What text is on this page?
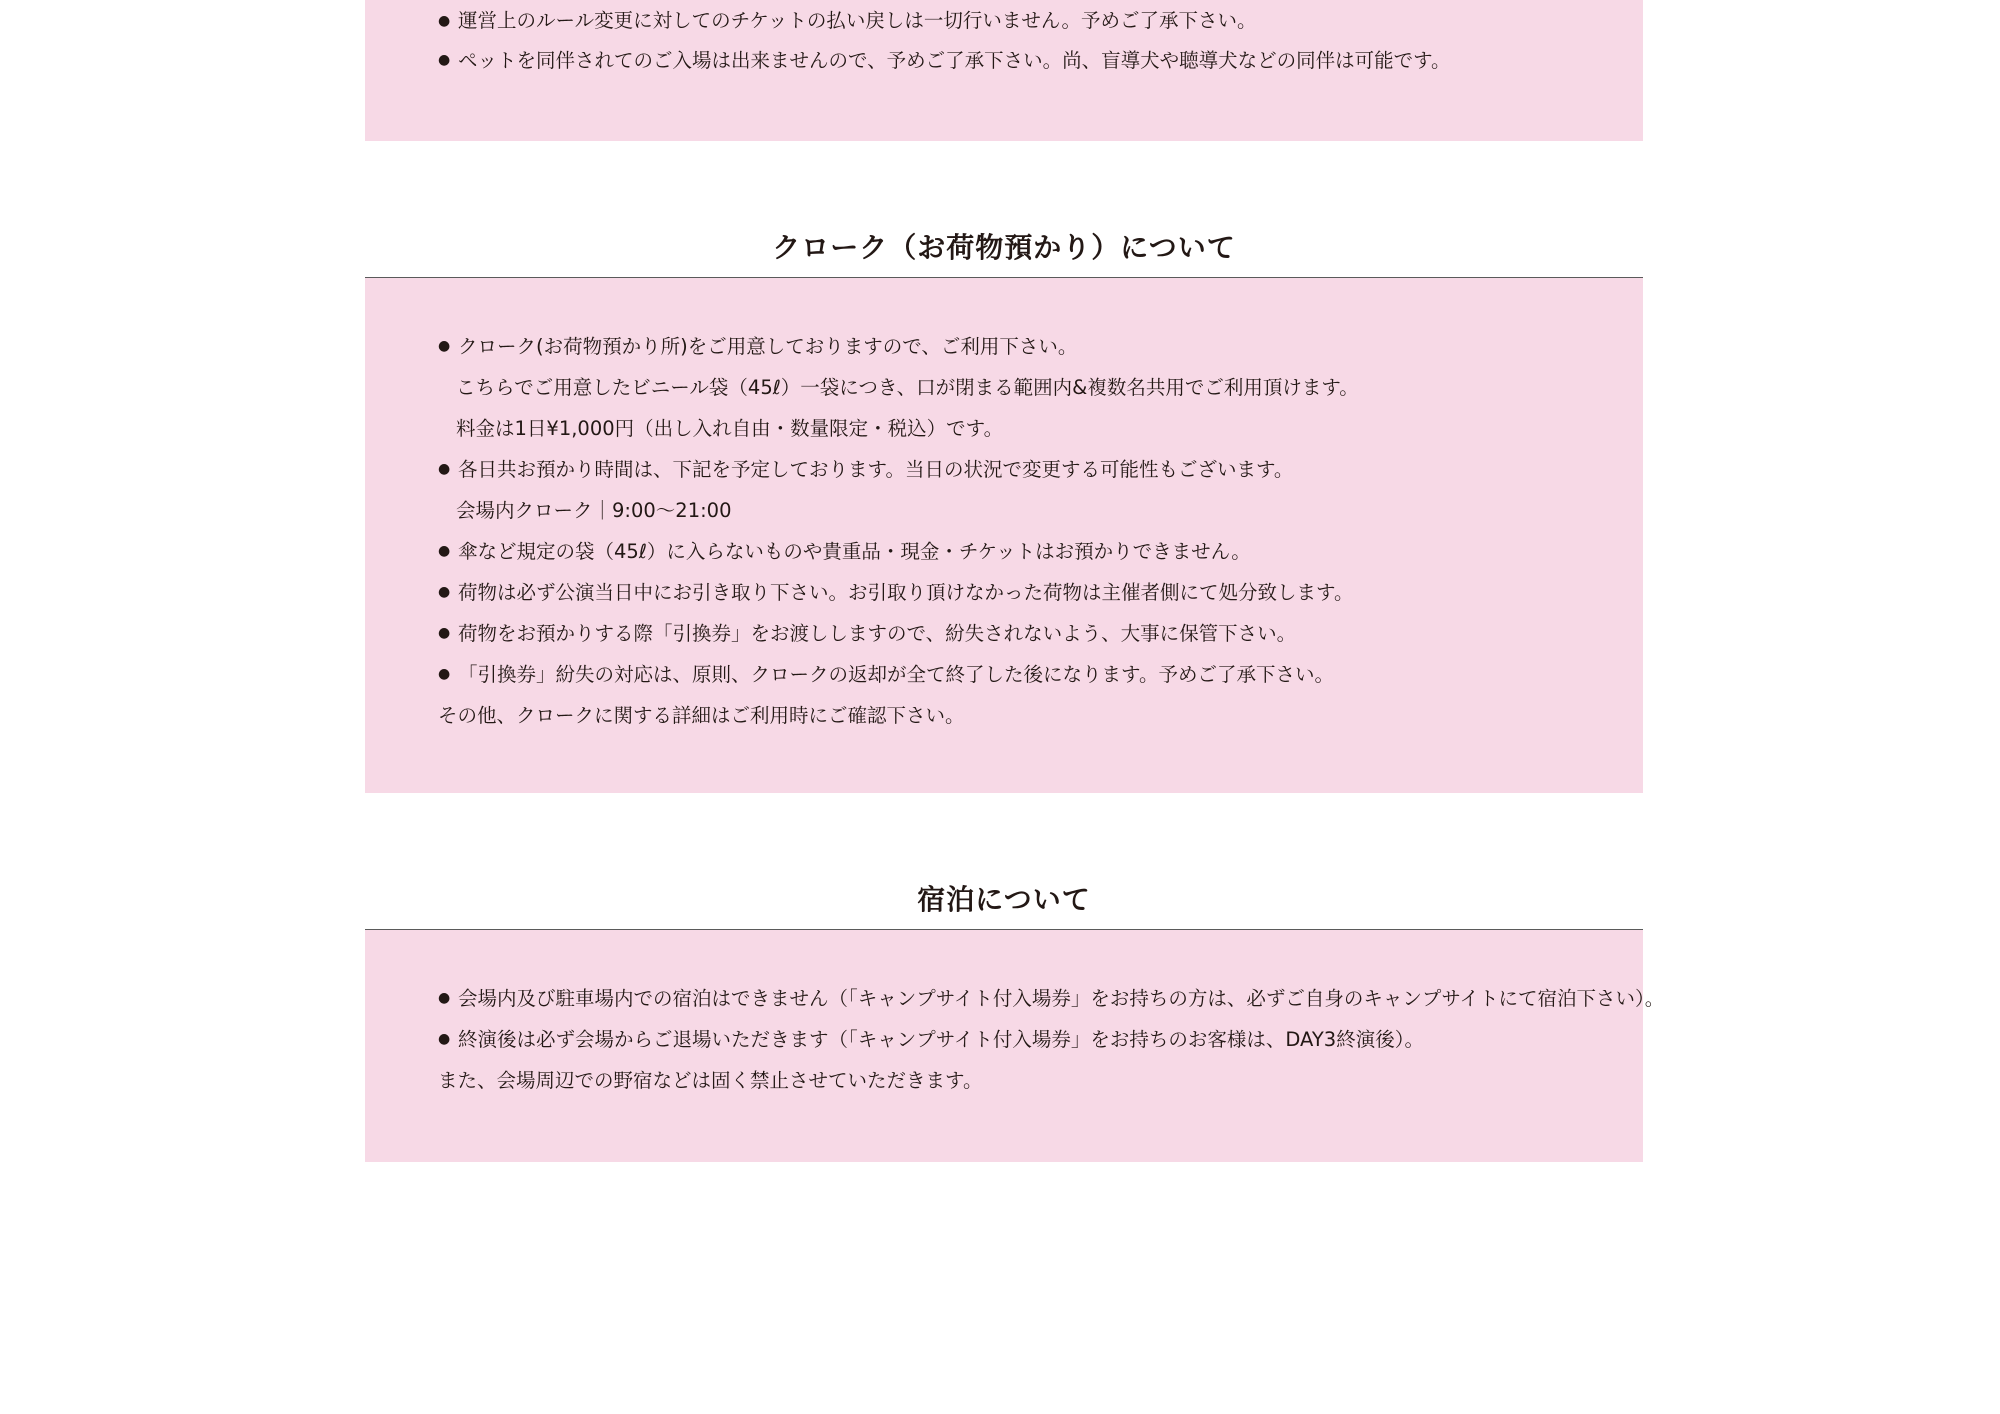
● 運営上のルール変更に対してのチケットの払い戻しは一切行いません。予めご了承下さい。
● ペットを同伴されてのご入場は出来ませんので、予めご了承下さい。尚、盲導犬や聴導犬などの同伴は可能です。
クローク（お荷物預かり）について
● クローク(お荷物預かり所)をご用意しておりますので、ご利用下さい。
こちらでご用意したビニール袋（45ℓ）一袋につき、口が閉まる範囲内&複数名共用でご利用頂けます。
料金は1日¥1,000円（出し入れ自由・数量限定・税込）です。
● 各日共お預かり時間は、下記を予定しております。当日の状況で変更する可能性もございます。
会場内クローク｜9:00〜21:00
● 傘など規定の袋（45ℓ）に入らないものや貴重品・現金・チケットはお預かりできません。
● 荷物は必ず公演当日中にお引き取り下さい。お引取り頂けなかった荷物は主催者側にて処分致します。
● 荷物をお預かりする際「引換券」をお渡ししますので、紛失されないよう、大事に保管下さい。
● 「引換券」紛失の対応は、原則、クロークの返却が全て終了した後になります。予めご了承下さい。
その他、クロークに関する詳細はご利用時にご確認下さい。
宿泊について
● 会場内及び駐車場内での宿泊はできません（「キャンプサイト付入場券」をお持ちの方は、必ずご自身のキャンプサイトにて宿泊下さい）。
● 終演後は必ず会場からご退場いただきます（「キャンプサイト付入場券」をお持ちのお客様は、DAY3終演後）。
また、会場周辺での野宿などは固く禁止させていただきます。
